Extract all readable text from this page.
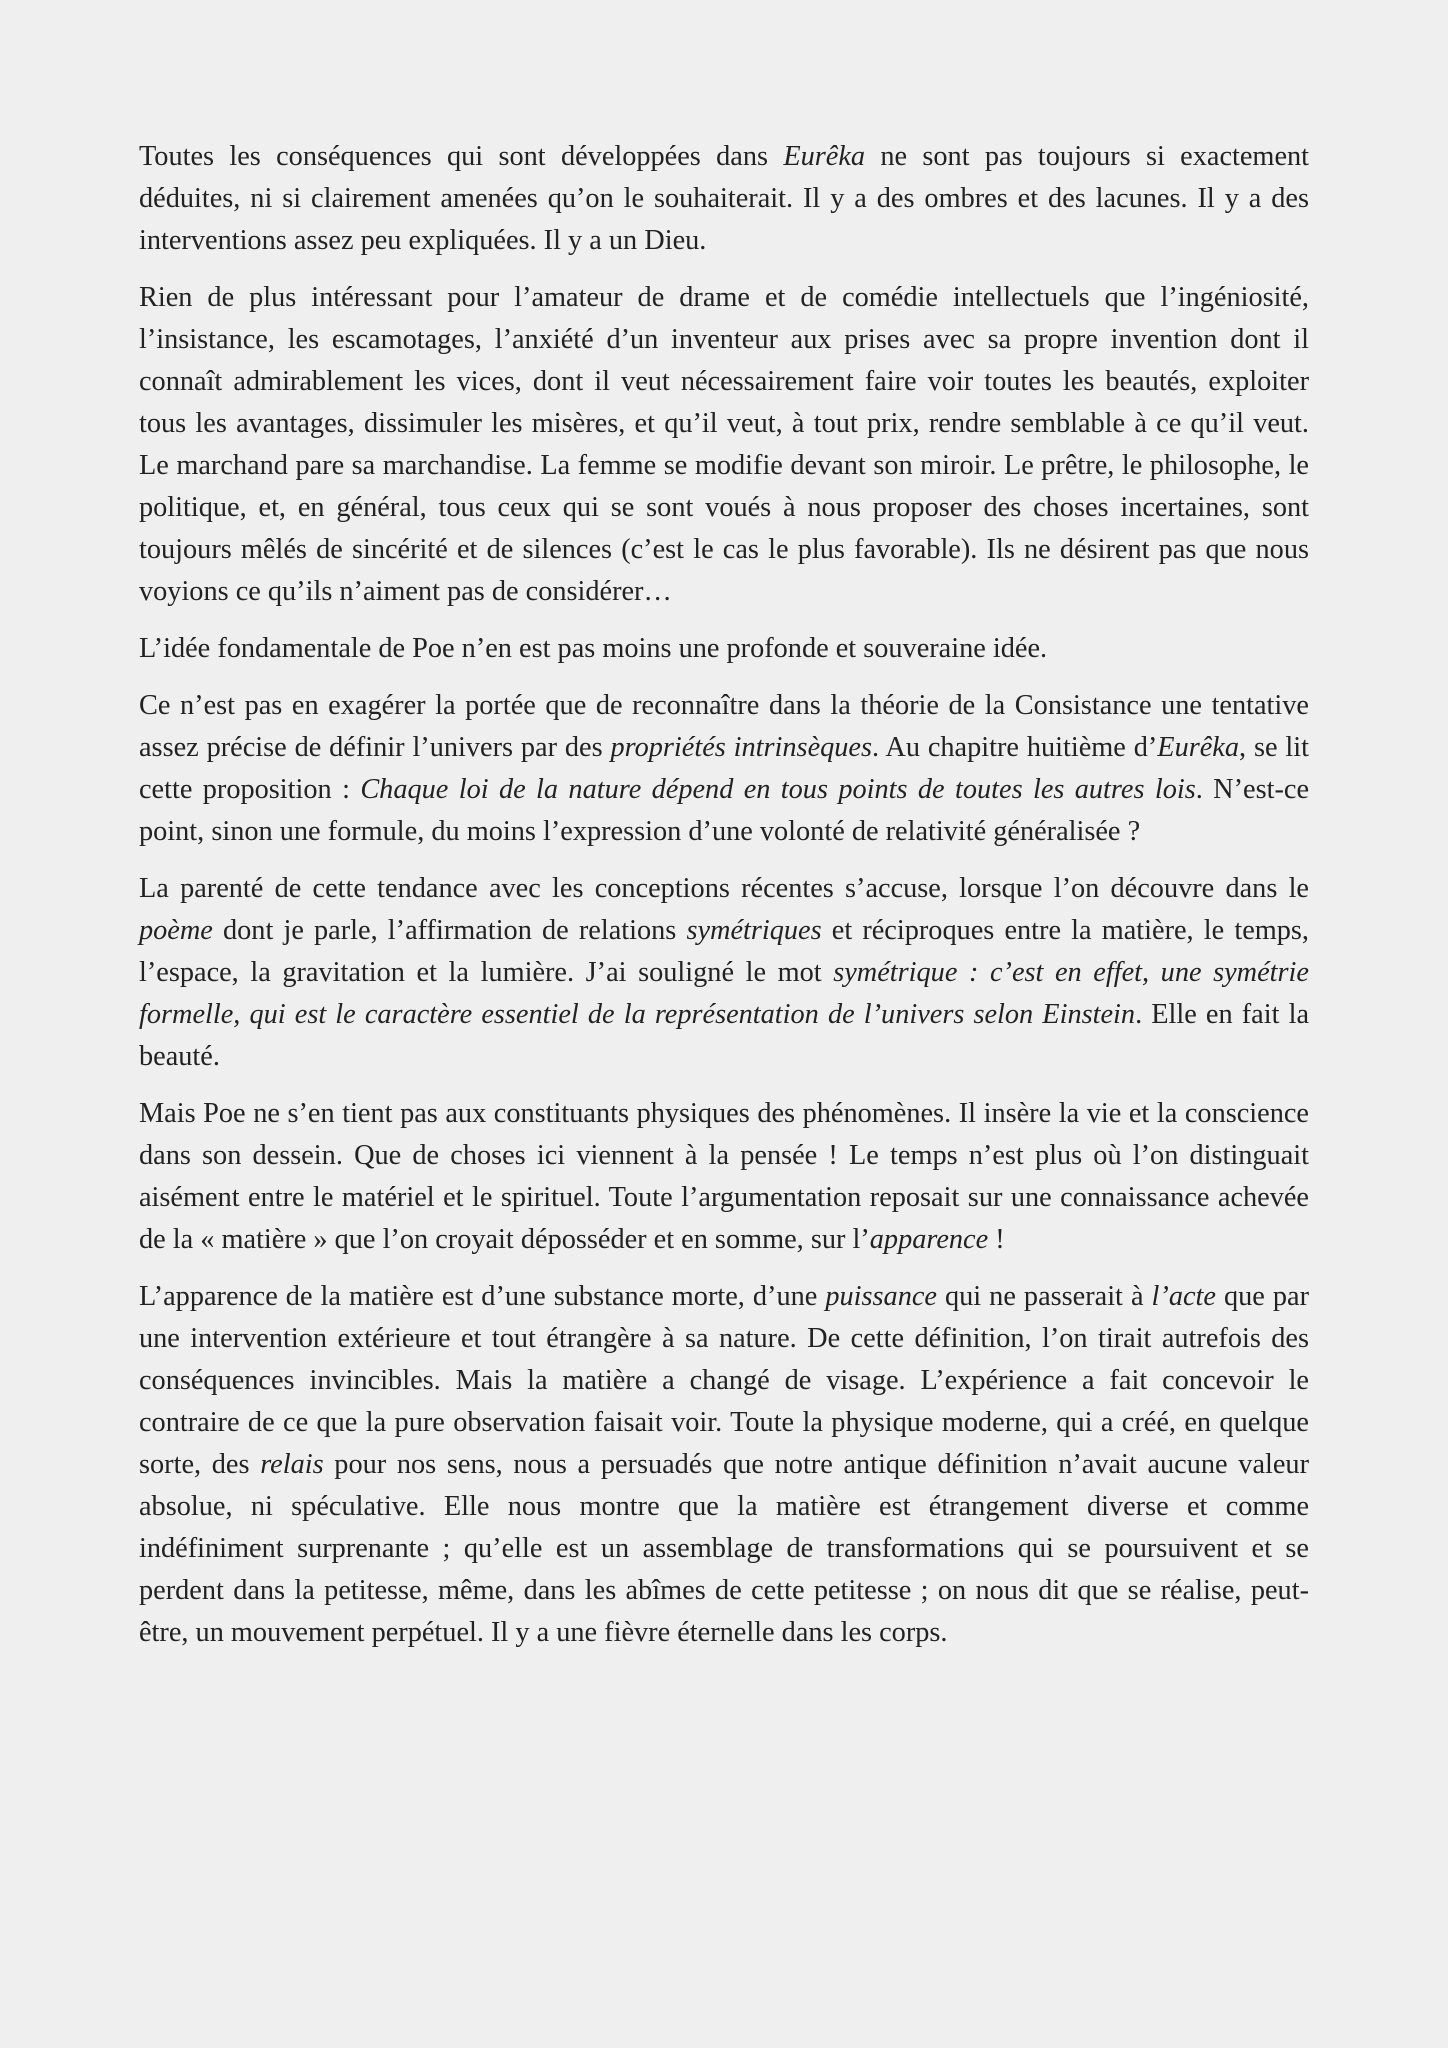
Toutes les conséquences qui sont développées dans Eurêka ne sont pas toujours si exactement déduites, ni si clairement amenées qu’on le souhaiterait. Il y a des ombres et des lacunes. Il y a des interventions assez peu expliquées. Il y a un Dieu.

Rien de plus intéressant pour l’amateur de drame et de comédie intellectuels que l’ingéniosité, l’insistance, les escamotages, l’anxiété d’un inventeur aux prises avec sa propre invention dont il connaît admirablement les vices, dont il veut nécessairement faire voir toutes les beautés, exploiter tous les avantages, dissimuler les misères, et qu’il veut, à tout prix, rendre semblable à ce qu’il veut. Le marchand pare sa marchandise. La femme se modifie devant son miroir. Le prêtre, le philosophe, le politique, et, en général, tous ceux qui se sont voués à nous proposer des choses incertaines, sont toujours mêlés de sincérité et de silences (c’est le cas le plus favorable). Ils ne désirent pas que nous voyions ce qu’ils n’aiment pas de considérer…

L’idée fondamentale de Poe n’en est pas moins une profonde et souveraine idée.

Ce n’est pas en exagérer la portée que de reconnaître dans la théorie de la Consistance une tentative assez précise de définir l’univers par des propriétés intrinsèques. Au chapitre huitième d’Eurêka, se lit cette proposition : Chaque loi de la nature dépend en tous points de toutes les autres lois. N’est-ce point, sinon une formule, du moins l’expression d’une volonté de relativité généralisée ?

La parenté de cette tendance avec les conceptions récentes s’accuse, lorsque l’on découvre dans le poème dont je parle, l’affirmation de relations symétriques et réciproques entre la matière, le temps, l’espace, la gravitation et la lumière. J’ai souligné le mot symétrique : c’est en effet, une symétrie formelle, qui est le caractère essentiel de la représentation de l’univers selon Einstein. Elle en fait la beauté.

Mais Poe ne s’en tient pas aux constituants physiques des phénomènes. Il insère la vie et la conscience dans son dessein. Que de choses ici viennent à la pensée ! Le temps n’est plus où l’on distinguait aisément entre le matériel et le spirituel. Toute l’argumentation reposait sur une connaissance achevée de la « matière » que l’on croyait déposséder et en somme, sur l’apparence !

L’apparence de la matière est d’une substance morte, d’une puissance qui ne passerait à l’acte que par une intervention extérieure et tout étrangère à sa nature. De cette définition, l’on tirait autrefois des conséquences invincibles. Mais la matière a changé de visage. L’expérience a fait concevoir le contraire de ce que la pure observation faisait voir. Toute la physique moderne, qui a créé, en quelque sorte, des relais pour nos sens, nous a persuadés que notre antique définition n’avait aucune valeur absolue, ni spéculative. Elle nous montre que la matière est étrangement diverse et comme indéfiniment surprenante ; qu’elle est un assemblage de transformations qui se poursuivent et se perdent dans la petitesse, même, dans les abîmes de cette petitesse ; on nous dit que se réalise, peut-être, un mouvement perpétuel. Il y a une fièvre éternelle dans les corps.
